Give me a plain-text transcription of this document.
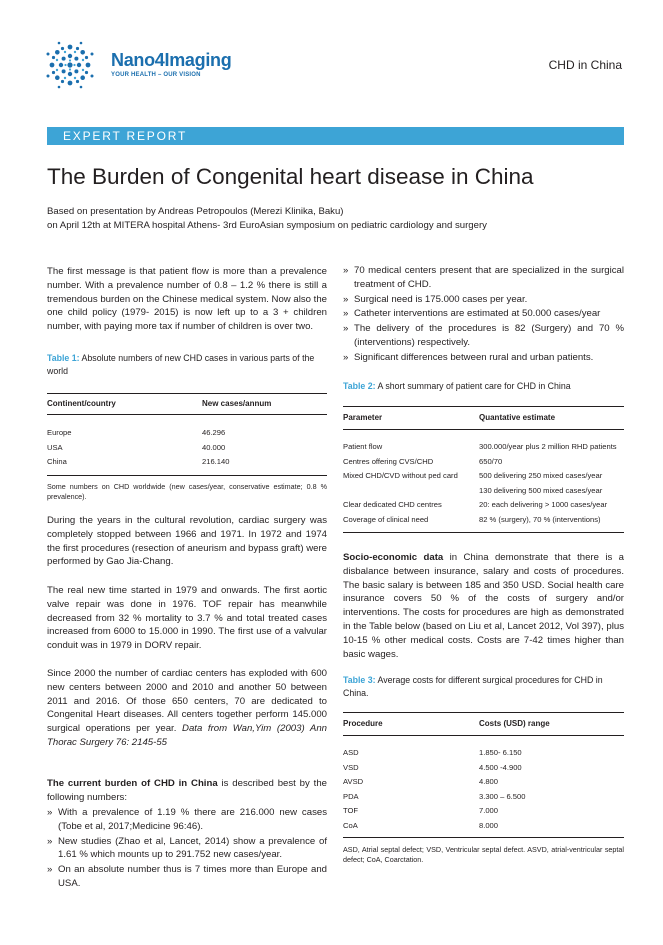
Nano4Imaging
YOUR HEALTH – OUR VISION
CHD in China
EXPERT REPORT
The Burden of Congenital heart disease in China
Based on presentation by Andreas Petropoulos (Merezi Klinika, Baku)
on April 12th at MITERA hospital Athens- 3rd EuroAsian symposium on pediatric cardiology and surgery

The first message is that patient flow is more than a prevalence number. With a prevalence number of 0.8 – 1.2 % there is still a tremendous burden on the Chinese medical system. Now also the one child policy (1979- 2015) is now left up to a 3 + children number, with paying more tax if number of children is over two.

Table 1: Absolute numbers of new CHD cases in various parts of the world
Continent/country	New cases/annum
Europe	46.296
USA	40.000
China	216.140
Some numbers on CHD worldwide (new cases/year, conservative estimate; 0.8 % prevalence).

During the years in the cultural revolution, cardiac surgery was completely stopped between 1966 and 1971. In 1972 and 1974 the first procedures (resection of aneurism and bypass graft) were performed by Gao Jia-Chang.

The real new time started in 1979 and onwards. The first aortic valve repair was done in 1976. TOF repair has meanwhile decreased from 32 % mortality to 3.7 % and total treated cases increased from 6000 to 15.000 in 1990. The first use of a valvular conduit was in 1979 in DORV repair.

Since 2000 the number of cardiac centers has exploded with 600 new centers between 2000 and 2010 and another 50 between 2011 and 2016. Of those 650 centers, 70 are dedicated to Congenital Heart diseases. All centers together perform 145.000 surgical operations per year. Data from Wan,Yim (2003) Ann Thorac Surgery 76: 2145-55

The current burden of CHD in China is described best by the following numbers:

» With a prevalence of 1.19 % there are 216.000 new cases (Tobe et al, 2017;Medicine 96:46).
» New studies (Zhao et al, Lancet, 2014) show a prevalence of 1.61 % which mounts up to 291.752 new cases/year.
» On an absolute number thus is 7 times more than Europe and USA.
» 70 medical centers present that are specialized in the surgical treatment of CHD.
» Surgical need is 175.000 cases per year.
» Catheter interventions are estimated at 50.000 cases/year
» The delivery of the procedures is 82 (Surgery) and 70 % (interventions) respectively.
» Significant differences between rural and urban patients.
Table 2: A short summary of patient care for CHD in China
Parameter	Quantative estimate
Patient flow	300.000/year plus 2 million RHD patients
Centres offering CVS/CHD	650/70
Mixed CHD/CVD without ped card	500 delivering 250 mixed cases/year
130 delivering 500 mixed cases/year
Clear dedicated CHD centres	20: each delivering > 1000 cases/year
Coverage of clinical need	82 % (surgery), 70 % (interventions)

Socio-economic data in China demonstrate that there is a disbalance between insurance, salary and costs of procedures. The basic salary is between 185 and 350 USD. Social health care insurance covers 50 % of the costs of surgery and/or interventions. The costs for procedures are high as demonstrated in the Table below (based on Liu et al, Lancet 2012, Vol 397), plus 10-15 % other medical costs. Costs are 7-42 times higher than basic wages.

Table 3: Average costs for different surgical procedures for CHD in China.
Procedure	Costs (USD) range
ASD	1.850- 6.150
VSD	4.500 -4.900
AVSD	4.800
PDA	3.300 – 6.500
TOF	7.000
CoA	8.000
ASD, Atrial septal defect; VSD, Ventricular septal defect. ASVD, atrial-ventricular septal defect; CoA, Coarctation.
